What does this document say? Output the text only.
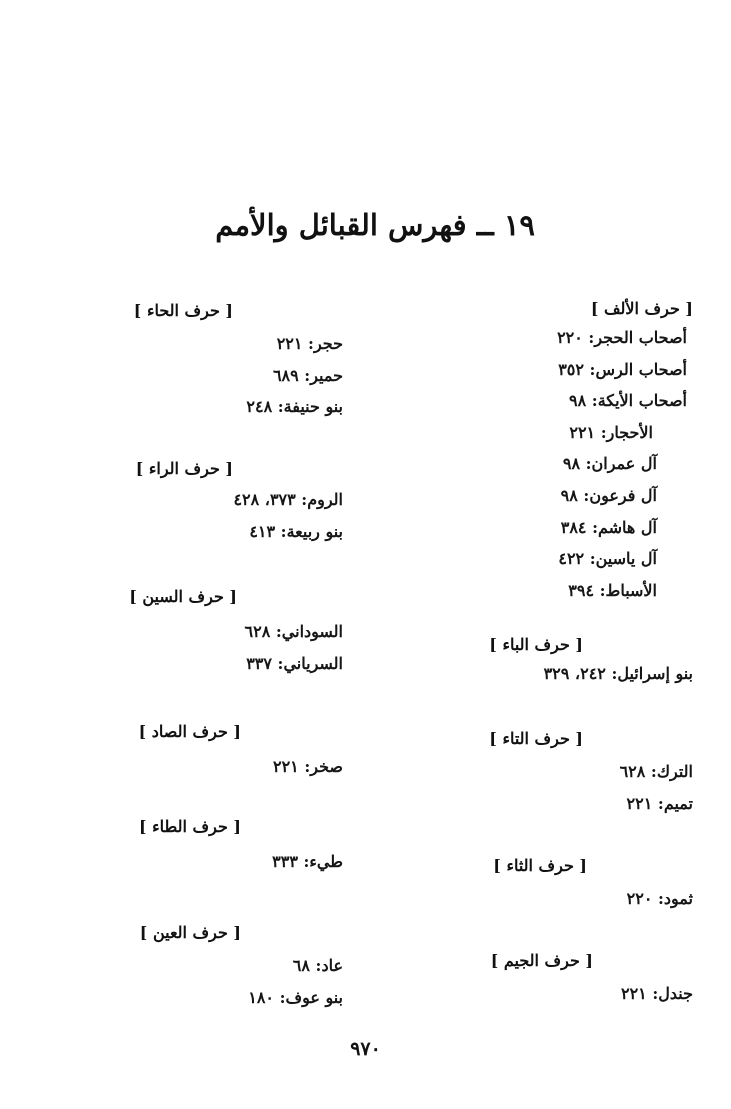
١٩ ــ فهرس القبائل والأمم
[ حرف الألف ]
أصحاب الحجر : ٢٢٠
أصحاب الرس : ٣٥٢
أصحاب الأيكة : ٩٨
الأحجار : ٢٢١
آل عمران : ٩٨
آل فرعون : ٩٨
آل هاشم : ٣٨٤
آل ياسين : ٤٢٢
الأسباط : ٣٩٤
[ حرف الباء ]
بنو إسرائيل : ٢٤٢، ٣٢٩
[ حرف التاء ]
الترك : ٦٢٨
تميم : ٢٢١
[ حرف الثاء ]
ثمود : ٢٢٠
[ حرف الجيم ]
جندل : ٢٢١
[ حرف الحاء ]
حجر : ٢٢١
حمير : ٦٨٩
بنو حنيفة : ٢٤٨
[ حرف الراء ]
الروم : ٣٧٣، ٤٢٨
بنو ربيعة : ٤١٣
[ حرف السين ]
السوداني : ٦٢٨
السرياني : ٣٣٧
[ حرف الصاد ]
صخر : ٢٢١
[ حرف الطاء ]
طيء : ٣٣٣
[ حرف العين ]
عاد : ٦٨
بنو عوف : ١٨٠
٩٧٠
